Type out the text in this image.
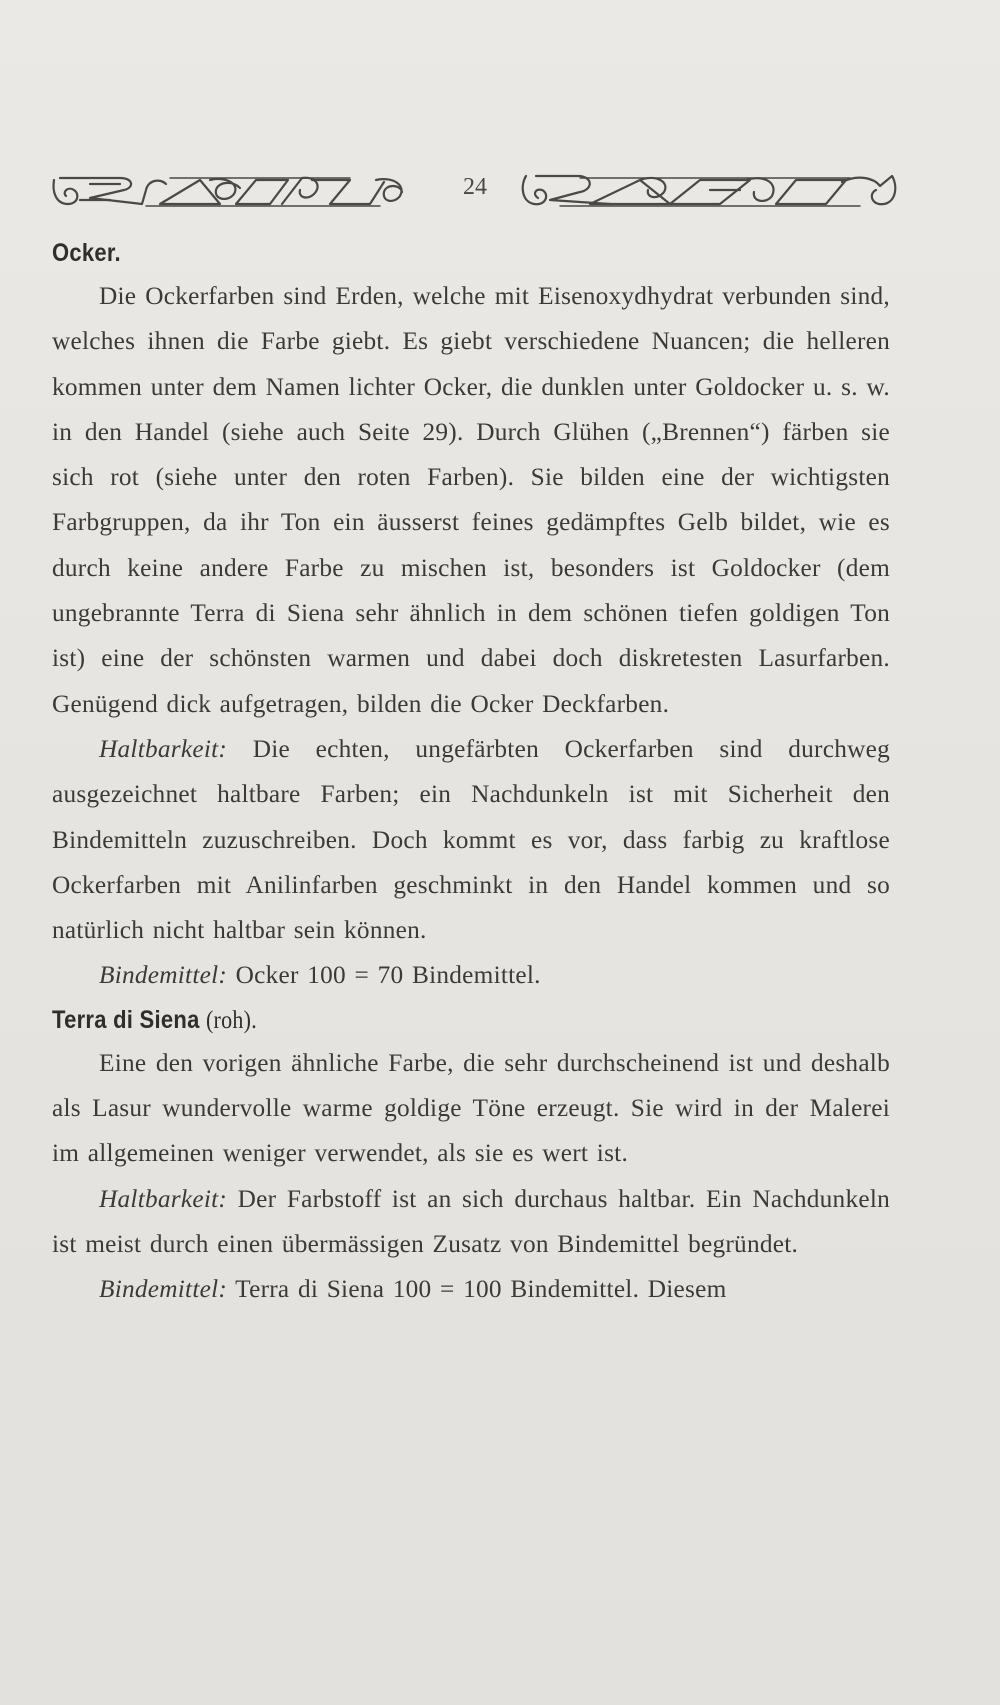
24
Ocker.

Die Ockerfarben sind Erden, welche mit Eisenoxydhydrat verbunden sind, welches ihnen die Farbe giebt. Es giebt verschiedene Nuancen; die helleren kommen unter dem Namen lichter Ocker, die dunklen unter Goldocker u. s. w. in den Handel (siehe auch Seite 29). Durch Glühen („Brennen“) färben sie sich rot (siehe unter den roten Farben). Sie bilden eine der wichtigsten Farbgruppen, da ihr Ton ein äusserst feines gedämpftes Gelb bildet, wie es durch keine andere Farbe zu mischen ist, besonders ist Goldocker (dem ungebrannte Terra di Siena sehr ähnlich in dem schönen tiefen goldigen Ton ist) eine der schönsten warmen und dabei doch diskretesten Lasurfarben. Genügend dick aufgetragen, bilden die Ocker Deckfarben.

Haltbarkeit: Die echten, ungefärbten Ockerfarben sind durchweg ausgezeichnet haltbare Farben; ein Nachdunkeln ist mit Sicherheit den Bindemitteln zuzuschreiben. Doch kommt es vor, dass farbig zu kraftlose Ockerfarben mit Anilinfarben geschminkt in den Handel kommen und so natürlich nicht haltbar sein können.

Bindemittel: Ocker 100 = 70 Bindemittel.

Terra di Siena (roh).

Eine den vorigen ähnliche Farbe, die sehr durchscheinend ist und deshalb als Lasur wundervolle warme goldige Töne erzeugt. Sie wird in der Malerei im allgemeinen weniger verwendet, als sie es wert ist.

Haltbarkeit: Der Farbstoff ist an sich durchaus haltbar. Ein Nachdunkeln ist meist durch einen übermässigen Zusatz von Bindemittel begründet.

Bindemittel: Terra di Siena 100 = 100 Bindemittel. Diesem
